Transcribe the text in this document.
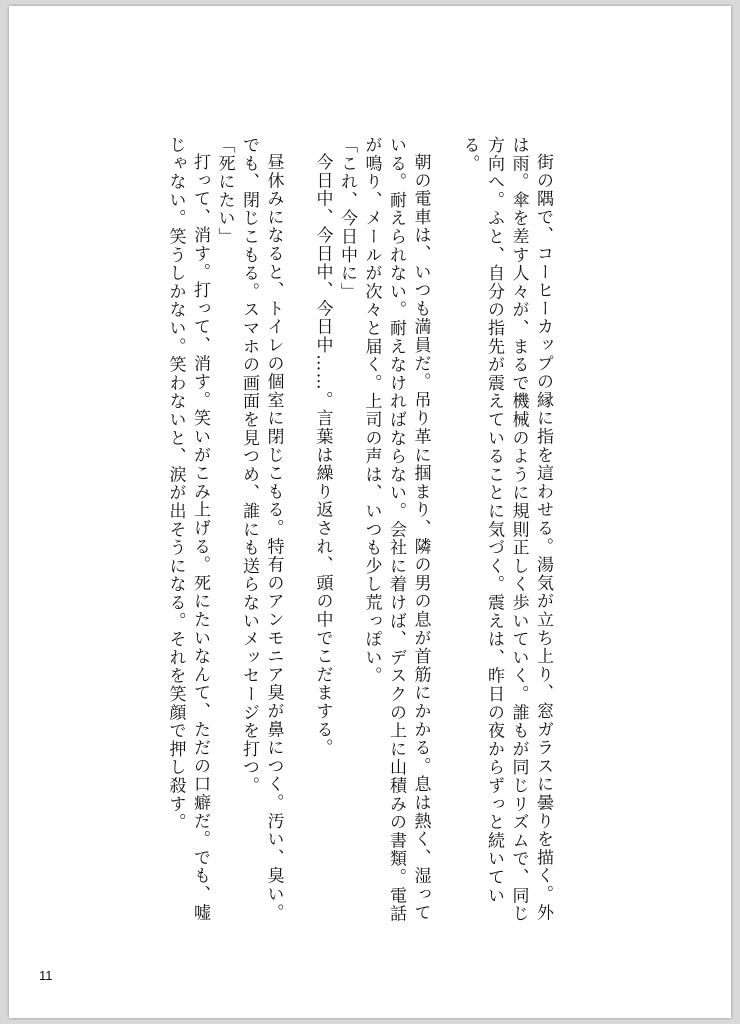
街の隅で、コーヒーカップの縁に指を這わせる。湯気が立ち上り、窓ガラスに曇りを描く。外は雨。傘を差す人々が、まるで機械のように規則正しく歩いていく。誰もが同じリズムで、同じ方向へ。ふと、自分の指先が震えていることに気づく。震えは、昨日の夜からずっと続いている。

朝の電車は、いつも満員だ。吊り革に掴まり、隣の男の息が首筋にかかる。息は熱く、湿っている。耐えられない。耐えなければならない。会社に着けば、デスクの上に山積みの書類。電話が鳴り、メールが次々と届く。上司の声は、いつも少し荒っぽい。

「これ、今日中に」

今日中、今日中、今日中……。言葉は繰り返され、頭の中でこだまする。

昼休みになると、トイレの個室に閉じこもる。特有のアンモニア臭が鼻につく。汚い、臭い。でも、閉じこもる。スマホの画面を見つめ、誰にも送らないメッセージを打つ。

「死にたい」

打って、消す。打って、消す。笑いがこみ上げる。死にたいなんて、ただの口癖だ。でも、嘘じゃない。笑うしかない。笑わないと、涙が出そうになる。それを笑顔で押し殺す。

11
